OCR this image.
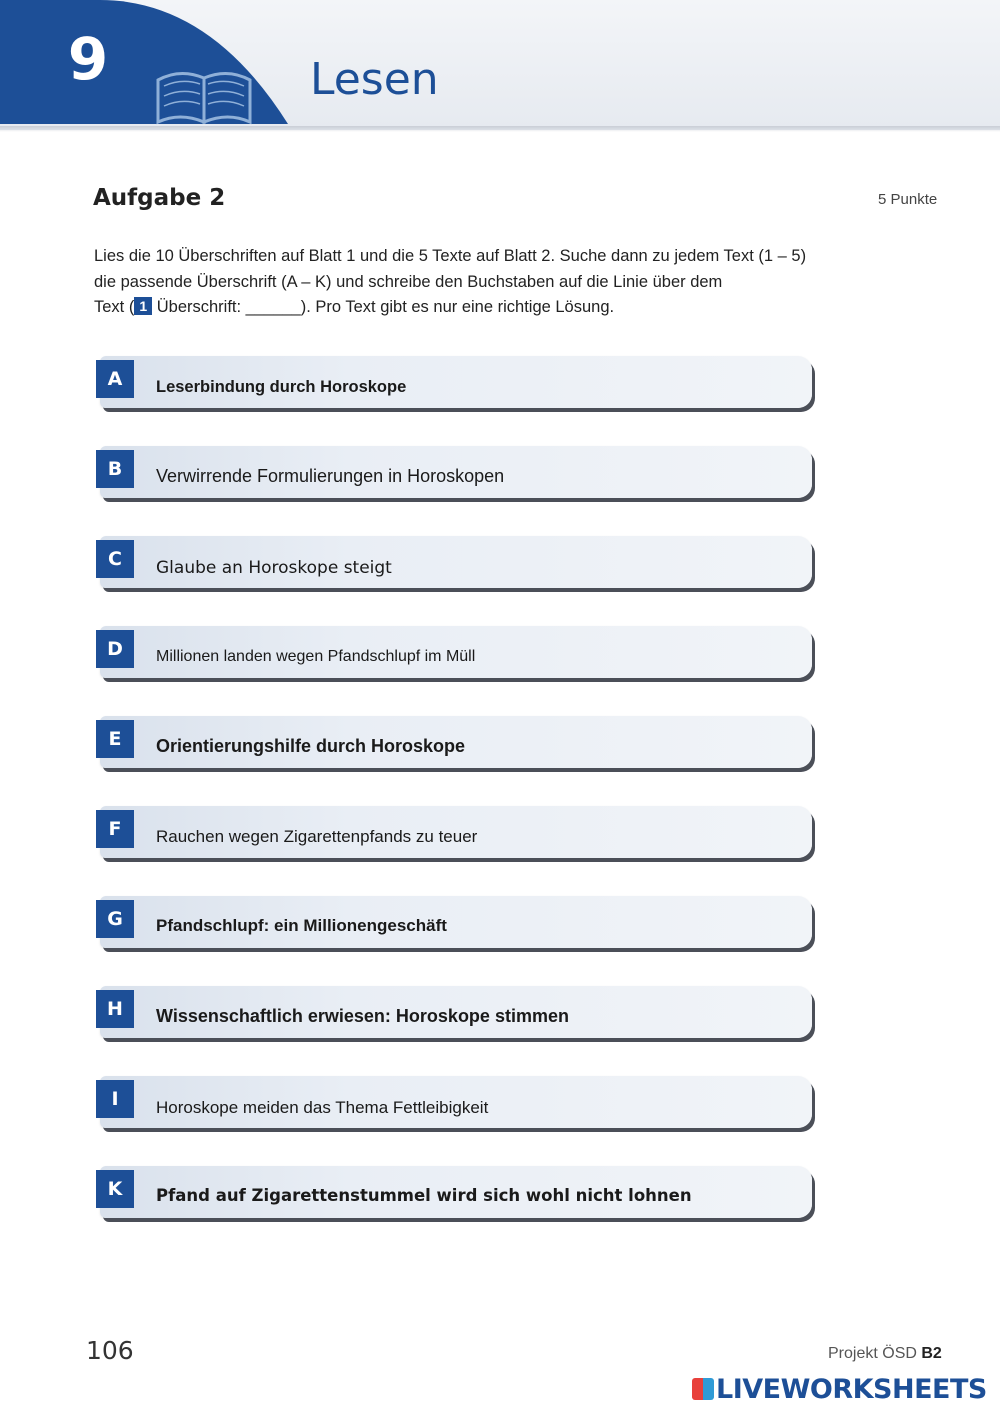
9	Lesen
Aufgabe 2	5 Punkte
Lies die 10 Überschriften auf Blatt 1 und die 5 Texte auf Blatt 2. Suche dann zu jedem Text (1 – 5)
die passende Überschrift (A – K) und schreibe den Buchstaben auf die Linie über dem
Text ( 1 Überschrift: ______). Pro Text gibt es nur eine richtige Lösung.
A	Leserbindung durch Horoskope
B	Verwirrende Formulierungen in Horoskopen
C	Glaube an Horoskope steigt
D	Millionen landen wegen Pfandschlupf im Müll
E	Orientierungshilfe durch Horoskope
F	Rauchen wegen Zigarettenpfands zu teuer
G	Pfandschlupf: ein Millionengeschäft
H	Wissenschaftlich erwiesen: Horoskope stimmen
I	Horoskope meiden das Thema Fettleibigkeit
K	Pfand auf Zigarettenstummel wird sich wohl nicht lohnen
106	Projekt ÖSD B2
LIVEWORKSHEETS
